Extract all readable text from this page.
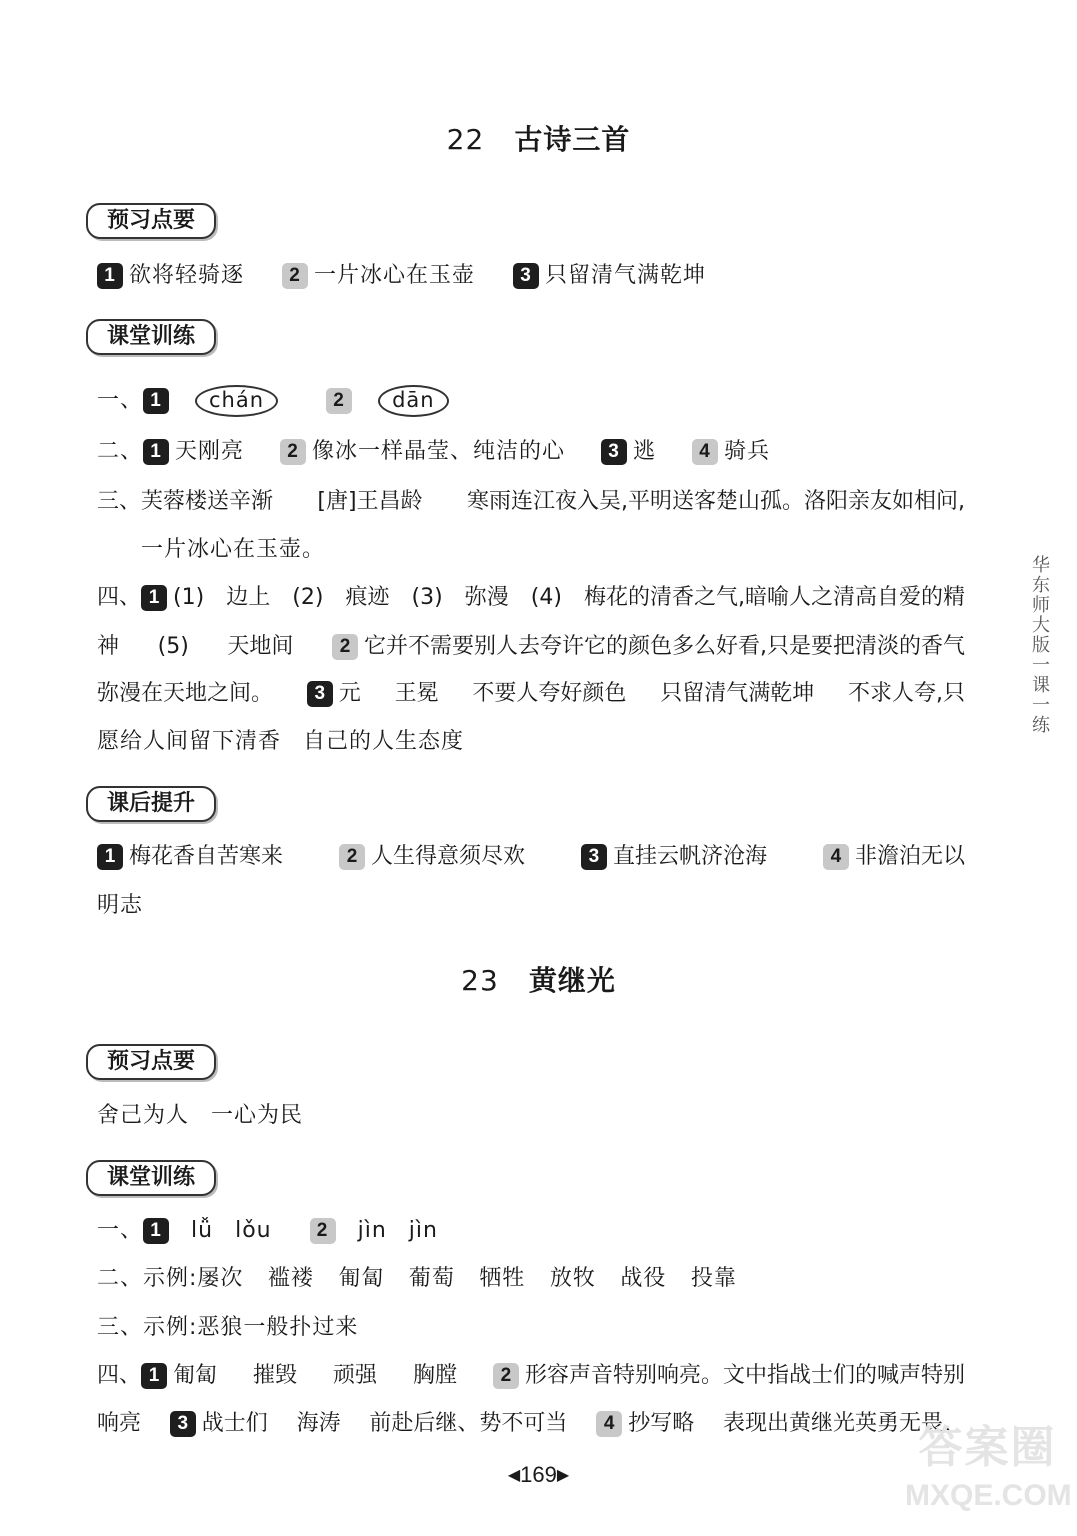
22 古诗三首
预习点要
1 欲将轻骑逐 2 一片冰心在玉壶 3 只留清气满乾坤
课堂训练
一、 1 chán	2 dān
二、 1 天刚亮 2 像冰一样晶莹、纯洁的心 3 逃 4 骑兵
三、芙蓉楼送辛渐 [唐]王昌龄 寒雨连江夜入吴,平明送客楚山孤。洛阳亲友如相问,
一片冰心在玉壶。
四、 1 (1) 边上 (2) 痕迹 (3) 弥漫 (4) 梅花的清香之气,暗喻人之清高自爱的精
神 (5) 天地间	2 它并不需要别人去夸许它的颜色多么好看,只是要把清淡的香气
弥漫在天地之间。	3 元 王冕 不要人夸好颜色 只留清气满乾坤 不求人夸,只
愿给人间留下清香 自己的人生态度
课后提升
1 梅花香自苦寒来	2 人生得意须尽欢	3 直挂云帆济沧海	4 非澹泊无以
明志
23 黄继光
预习点要
舍己为人 一心为民
课堂训练
一、 1 lǚ lǒu 2 jìn jìn
二、示例:屡次 褴褛 匍匐 葡萄 牺牲 放牧 战役 投靠
三、示例:恶狼一般扑过来
四、 1 匍匐 摧毁 顽强 胸膛	2 形容声音特别响亮。文中指战士们的喊声特别
响亮	3 战士们 海涛 前赴后继、势不可当	4 抄写略 表现出黄继光英勇无畏、
华东师大版一课一练
◀169▶
答案圈
MXQE.COM
